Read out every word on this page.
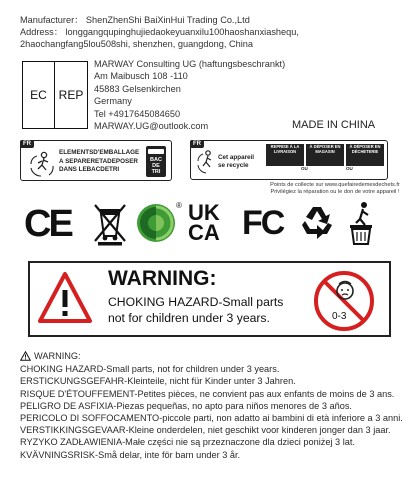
Manufacturer： ShenZhenShi BaiXinHui Trading Co.,Ltd
Address： longgangqupinghujiedaokeyuanxilu100haoshanxiashequ,
2haochangfang5lou508shi, shenzhen, guangdong, China
EC REP
MARWAY Consulting UG (haftungsbeschrankt)
Am Maibusch 108 -110
45883 Gelsenkirchen
Germany
Tel +4917645084650
MARWAY.UG@outlook.com	MADE IN CHINA
FR
ELEMENTSD'EMBALLAGE
A SEPARERETADEPOSER
DANS LEBACDETRI
BAC DE TRI
FR
Cet appareil
se recycle
REPRISE À LA LIVRAISON
À DÉPOSER EN MAGASIN
À DÉPOSER EN DÉCHETERIE
OU	OU
Points de collecte sur www.quefairedemesdechets.fr
Privilégiez la réparation ou le don de votre appareil !
CE	® UK
CA FC
WARNING:
CHOKING HAZARD-Small parts
not for children under 3 years.	0-3
WARNING:
CHOKING HAZARD-Small parts, not for children under 3 years.
ERSTICKUNGSGEFAHR-Kleinteile, nicht für Kinder unter 3 Jahren.
RISQUE D'ÉTOUFFEMENT-Petites pièces, ne convient pas aux enfants de moins de 3 ans.
PELIGRO DE ASFIXIA-Piezas pequeñas, no apto para niños menores de 3 años.
PERICOLO DI SOFFOCAMENTO-piccole parti, non adatto ai bambini di età inferiore a 3 anni.
VERSTIKKINGSGEVAAR-Kleine onderdelen, niet geschikt voor kinderen jonger dan 3 jaar.
RYZYKO ZADŁAWIENIA-Małe części nie są przeznaczone dla dzieci poniżej 3 lat.
KVÄVNINGSRISK-Små delar, inte för barn under 3 år.
